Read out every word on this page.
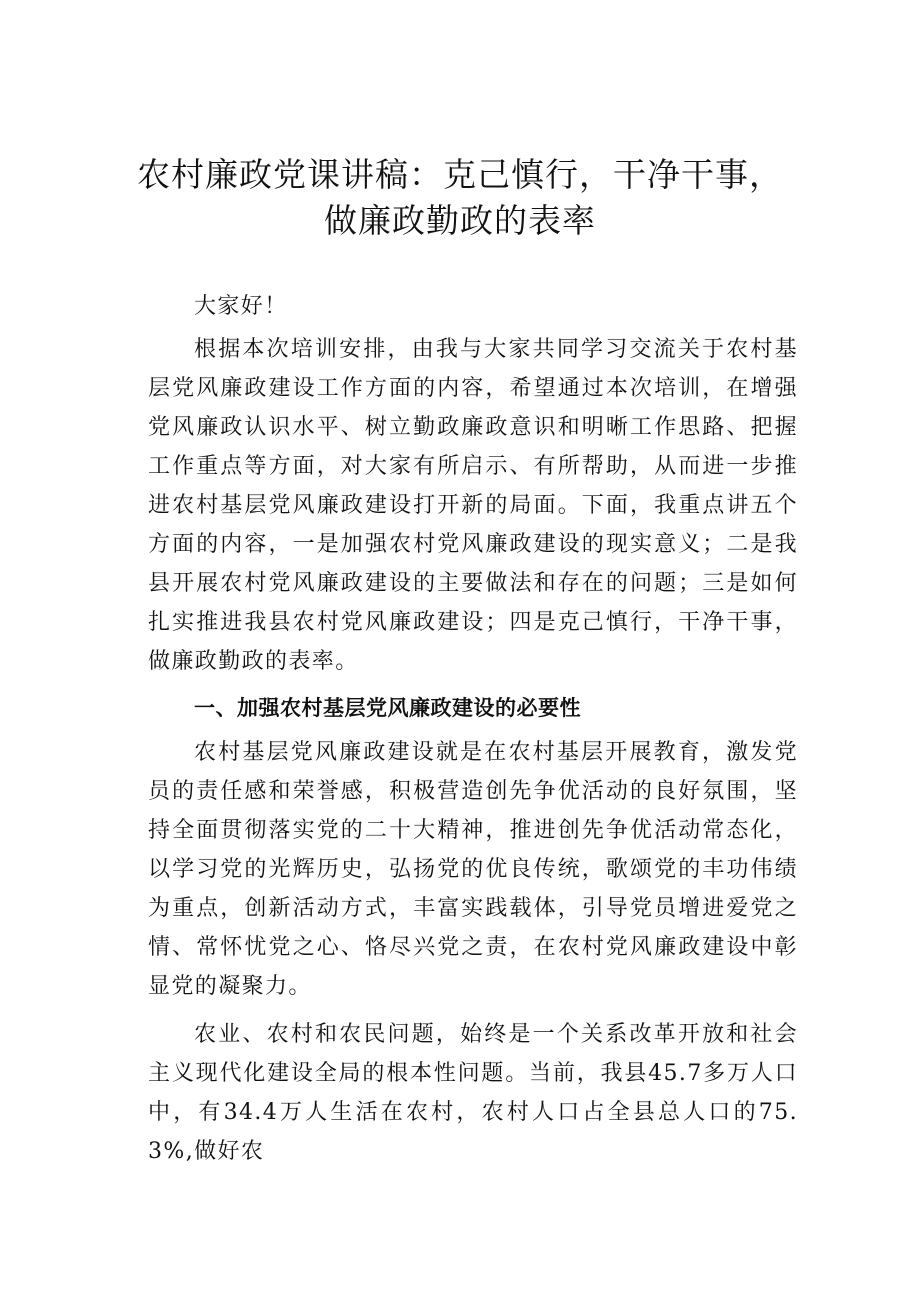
农村廉政党课讲稿：克己慎行，干净干事，
做廉政勤政的表率

大家好！

根据本次培训安排，由我与大家共同学习交流关于农村基层党风廉政建设工作方面的内容，希望通过本次培训，在增强党风廉政认识水平、树立勤政廉政意识和明晰工作思路、把握工作重点等方面，对大家有所启示、有所帮助，从而进一步推进农村基层党风廉政建设打开新的局面。下面，我重点讲五个方面的内容，一是加强农村党风廉政建设的现实意义；二是我县开展农村党风廉政建设的主要做法和存在的问题；三是如何扎实推进我县农村党风廉政建设；四是克己慎行，干净干事，做廉政勤政的表率。

一、加强农村基层党风廉政建设的必要性

农村基层党风廉政建设就是在农村基层开展教育，激发党员的责任感和荣誉感，积极营造创先争优活动的良好氛围，坚持全面贯彻落实党的二十大精神，推进创先争优活动常态化，以学习党的光辉历史，弘扬党的优良传统，歌颂党的丰功伟绩为重点，创新活动方式，丰富实践载体，引导党员增进爱党之情、常怀忧党之心、恪尽兴党之责，在农村党风廉政建设中彰显党的凝聚力。

农业、农村和农民问题，始终是一个关系改革开放和社会主义现代化建设全局的根本性问题。当前，我县45.7多万人口中，有34.4万人生活在农村，农村人口占全县总人口的75.3%,做好农
